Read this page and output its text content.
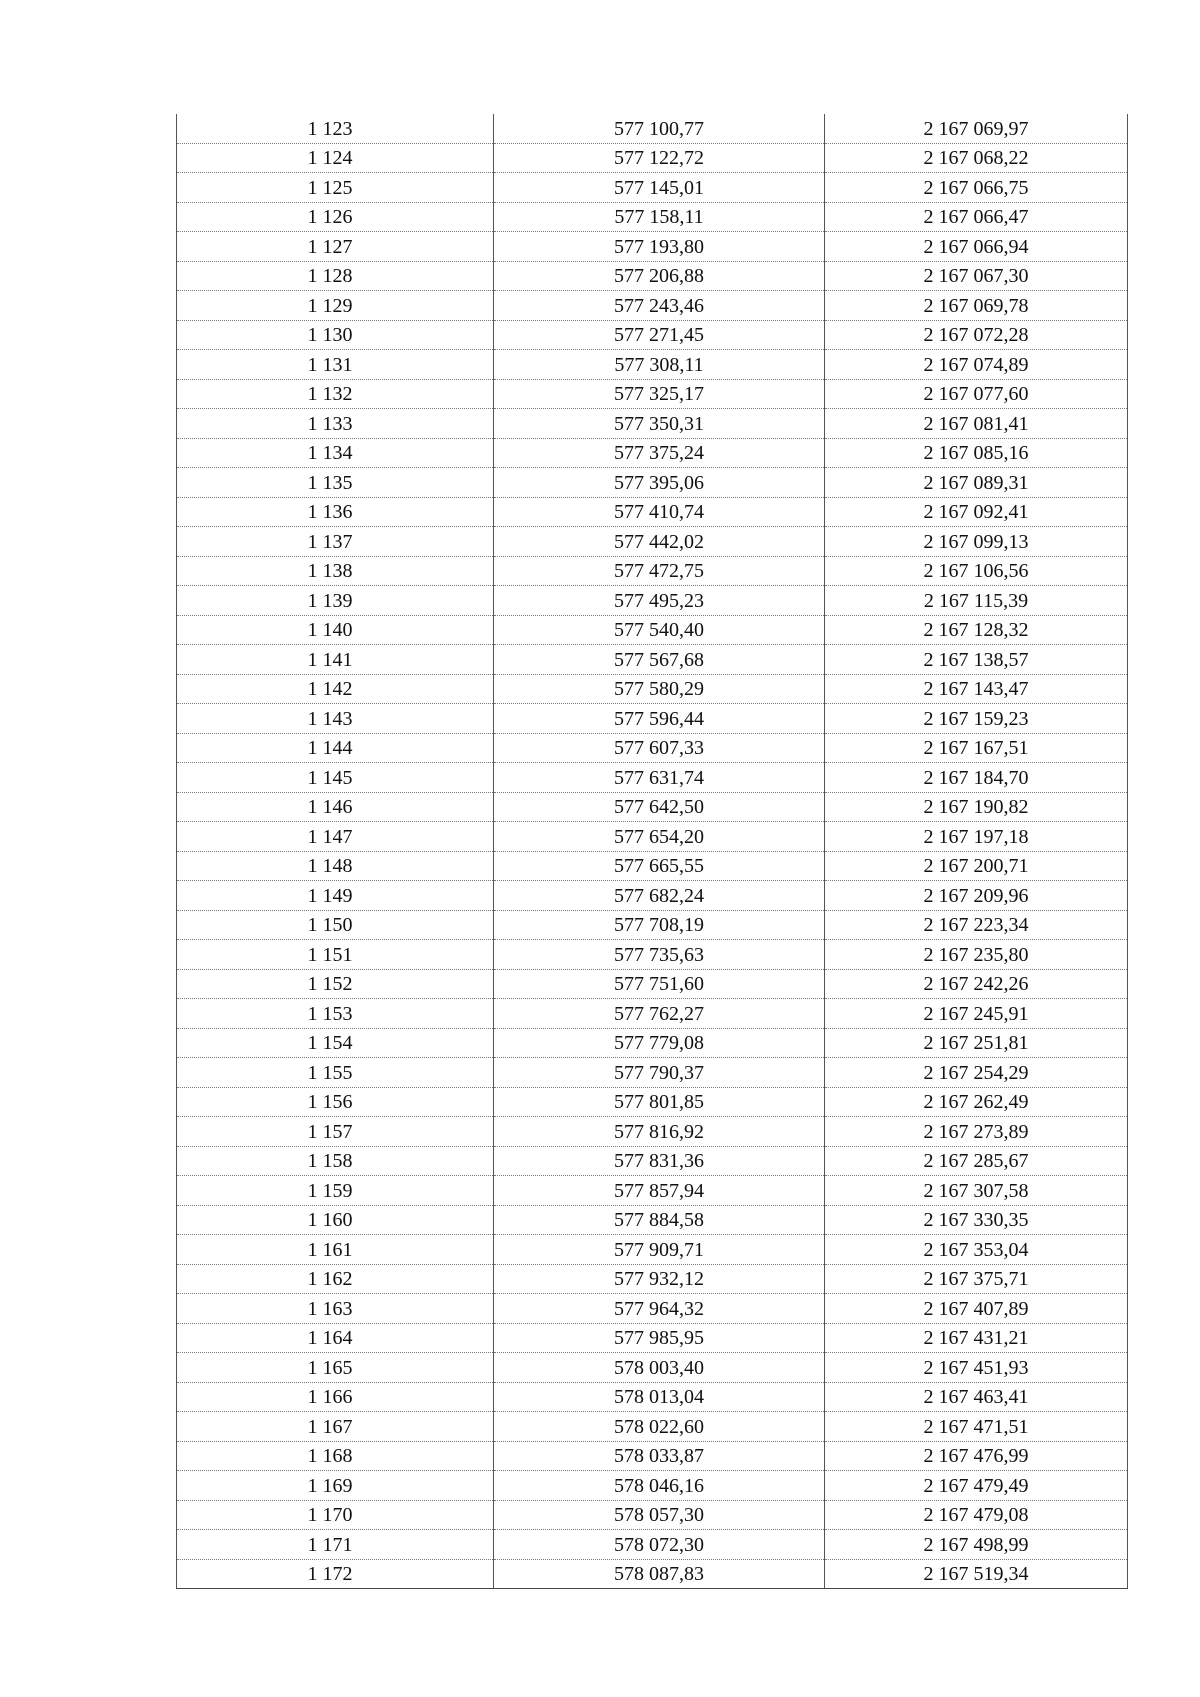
1 123	577 100,77	2 167 069,97
1 124	577 122,72	2 167 068,22
1 125	577 145,01	2 167 066,75
1 126	577 158,11	2 167 066,47
1 127	577 193,80	2 167 066,94
1 128	577 206,88	2 167 067,30
1 129	577 243,46	2 167 069,78
1 130	577 271,45	2 167 072,28
1 131	577 308,11	2 167 074,89
1 132	577 325,17	2 167 077,60
1 133	577 350,31	2 167 081,41
1 134	577 375,24	2 167 085,16
1 135	577 395,06	2 167 089,31
1 136	577 410,74	2 167 092,41
1 137	577 442,02	2 167 099,13
1 138	577 472,75	2 167 106,56
1 139	577 495,23	2 167 115,39
1 140	577 540,40	2 167 128,32
1 141	577 567,68	2 167 138,57
1 142	577 580,29	2 167 143,47
1 143	577 596,44	2 167 159,23
1 144	577 607,33	2 167 167,51
1 145	577 631,74	2 167 184,70
1 146	577 642,50	2 167 190,82
1 147	577 654,20	2 167 197,18
1 148	577 665,55	2 167 200,71
1 149	577 682,24	2 167 209,96
1 150	577 708,19	2 167 223,34
1 151	577 735,63	2 167 235,80
1 152	577 751,60	2 167 242,26
1 153	577 762,27	2 167 245,91
1 154	577 779,08	2 167 251,81
1 155	577 790,37	2 167 254,29
1 156	577 801,85	2 167 262,49
1 157	577 816,92	2 167 273,89
1 158	577 831,36	2 167 285,67
1 159	577 857,94	2 167 307,58
1 160	577 884,58	2 167 330,35
1 161	577 909,71	2 167 353,04
1 162	577 932,12	2 167 375,71
1 163	577 964,32	2 167 407,89
1 164	577 985,95	2 167 431,21
1 165	578 003,40	2 167 451,93
1 166	578 013,04	2 167 463,41
1 167	578 022,60	2 167 471,51
1 168	578 033,87	2 167 476,99
1 169	578 046,16	2 167 479,49
1 170	578 057,30	2 167 479,08
1 171	578 072,30	2 167 498,99
1 172	578 087,83	2 167 519,34
